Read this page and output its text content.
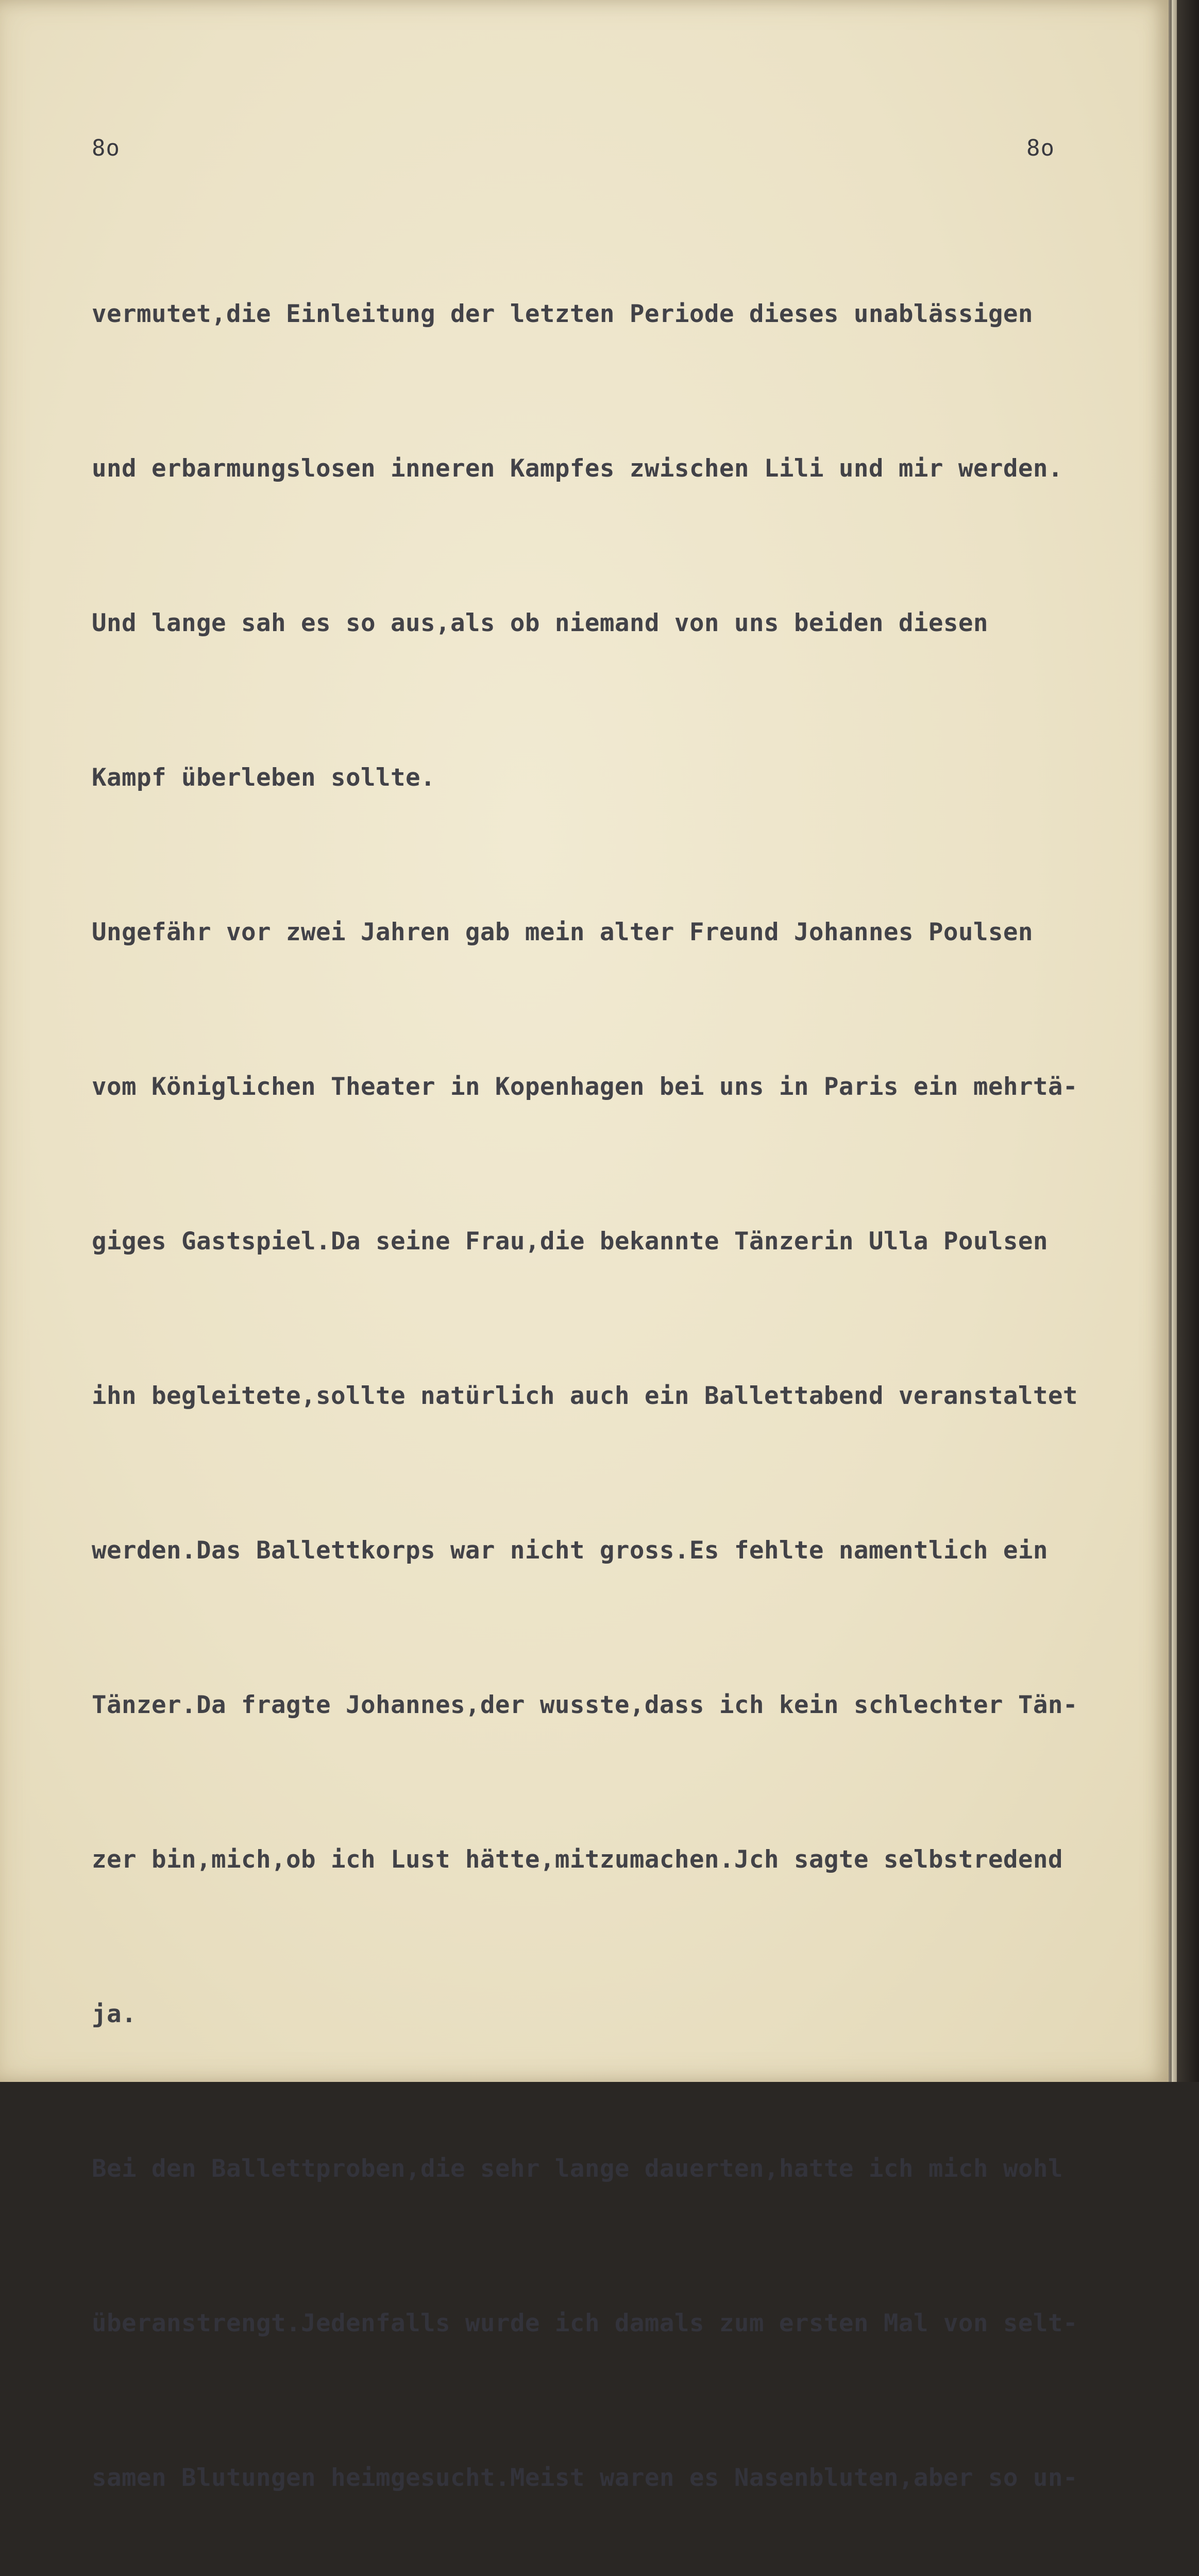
8o	8o

vermutet,die Einleitung der letzten Periode dieses unablässigen

und erbarmungslosen inneren Kampfes zwischen Lili und mir werden.

Und lange sah es so aus,als ob niemand von uns beiden diesen

Kampf überleben sollte.

Ungefähr vor zwei Jahren gab mein alter Freund Johannes Poulsen

vom Königlichen Theater in Kopenhagen bei uns in Paris ein mehrtä-

giges Gastspiel.Da seine Frau,die bekannte Tänzerin Ulla Poulsen

ihn begleitete,sollte natürlich auch ein Ballettabend veranstaltet

werden.Das Ballettkorps war nicht gross.Es fehlte namentlich ein

Tänzer.Da fragte Johannes,der wusste,dass ich kein schlechter Tän-

zer bin,mich,ob ich Lust hätte,mitzumachen.Jch sagte selbstredend

ja.

Bei den Ballettproben,die sehr lange dauerten,hatte ich mich wohl

überanstrengt.Jedenfalls wurde ich damals zum ersten Mal von selt-

samen Blutungen heimgesucht.Meist waren es Nasenbluten,aber so un-
